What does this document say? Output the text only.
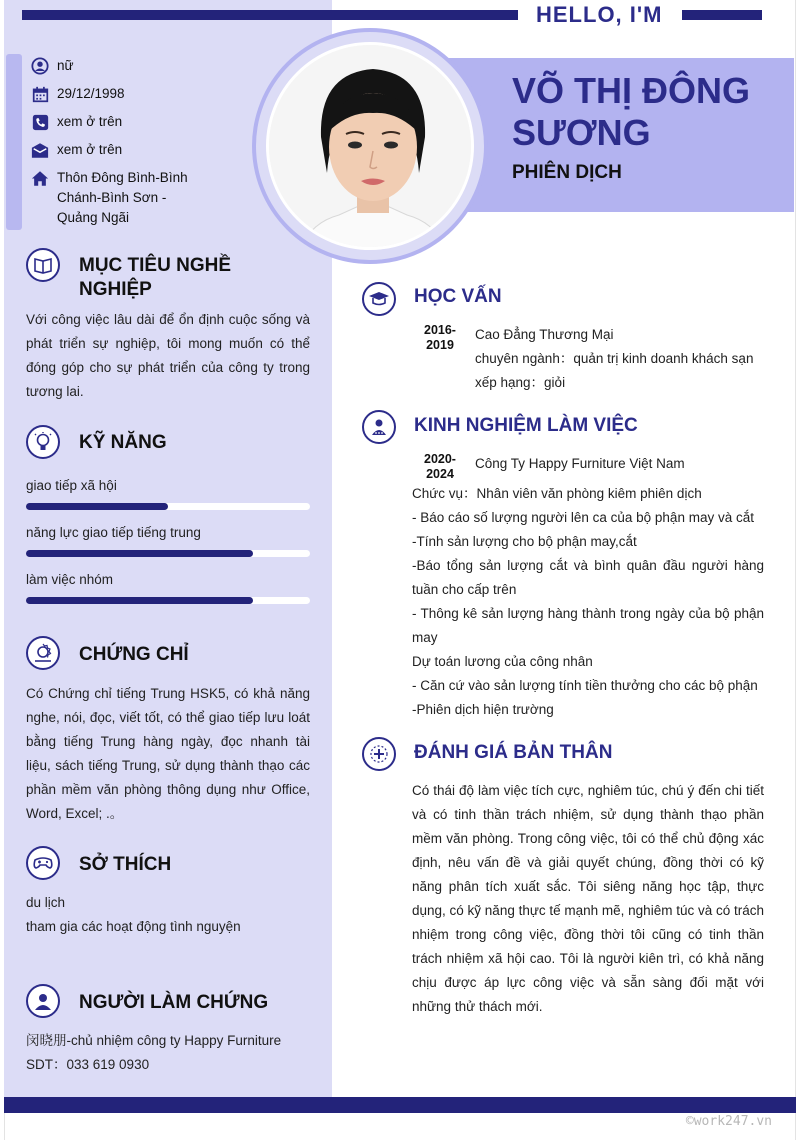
HELLO, I'M
nữ
29/12/1998
xem ở trên
xem ở trên
Thôn Đông Bình-Bình Chánh-Bình Sơn - Quảng Ngãi
VÕ THỊ ĐÔNG SƯƠNG
PHIÊN DỊCH
MỤC TIÊU NGHỀ NGHIỆP
Với công việc lâu dài để ổn định cuộc sống và phát triển sự nghiệp, tôi mong muốn có thể đóng góp cho sự phát triển của công ty trong tương lai.
KỸ NĂNG
giao tiếp xã hội
năng lực giao tiếp tiếng trung
làm việc nhóm
CHỨNG CHỈ
Có Chứng chỉ tiếng Trung HSK5, có khả năng nghe, nói, đọc, viết tốt, có thể giao tiếp lưu loát bằng tiếng Trung hàng ngày, đọc nhanh tài liệu, sách tiếng Trung, sử dụng thành thạo các phần mềm văn phòng thông dụng như Office, Word, Excel; .。
SỞ THÍCH
du lịch
tham gia các hoạt động tình nguyện
NGƯỜI LÀM CHỨNG
闵晓朋-chủ nhiệm công ty Happy Furniture
SDT：033 619 0930
HỌC VẤN
2016-2019
Cao Đẳng Thương Mại
chuyên ngành：quản trị kinh doanh khách sạn
xếp hạng：giỏi
KINH NGHIỆM LÀM VIỆC
2020-2024
Công Ty Happy Furniture Việt Nam
Chức vụ：Nhân viên văn phòng kiêm phiên dịch
- Báo cáo số lượng người lên ca của bộ phận may và cắt
-Tính sản lượng cho bộ phận may,cắt
-Báo tổng sản lượng cắt và bình quân đầu người hàng tuần cho cấp trên
- Thông kê sản lượng hàng thành trong ngày của bộ phận may
Dự toán lương của công nhân
- Căn cứ vào sản lượng tính tiền thưởng cho các bộ phận
-Phiên dịch hiện trường
ĐÁNH GIÁ BẢN THÂN
Có thái độ làm việc tích cực, nghiêm túc, chú ý đến chi tiết và có tinh thần trách nhiệm, sử dụng thành thạo phần mềm văn phòng. Trong công việc, tôi có thể chủ động xác định, nêu vấn đề và giải quyết chúng, đồng thời có kỹ năng phân tích xuất sắc. Tôi siêng năng học tập, thực dụng, có kỹ năng thực tế mạnh mẽ, nghiêm túc và có trách nhiệm trong công việc, đồng thời tôi cũng có tinh thần trách nhiệm xã hội cao. Tôi là người kiên trì, có khả năng chịu được áp lực công việc và sẵn sàng đối mặt với những thử thách mới.
©work247.vn
